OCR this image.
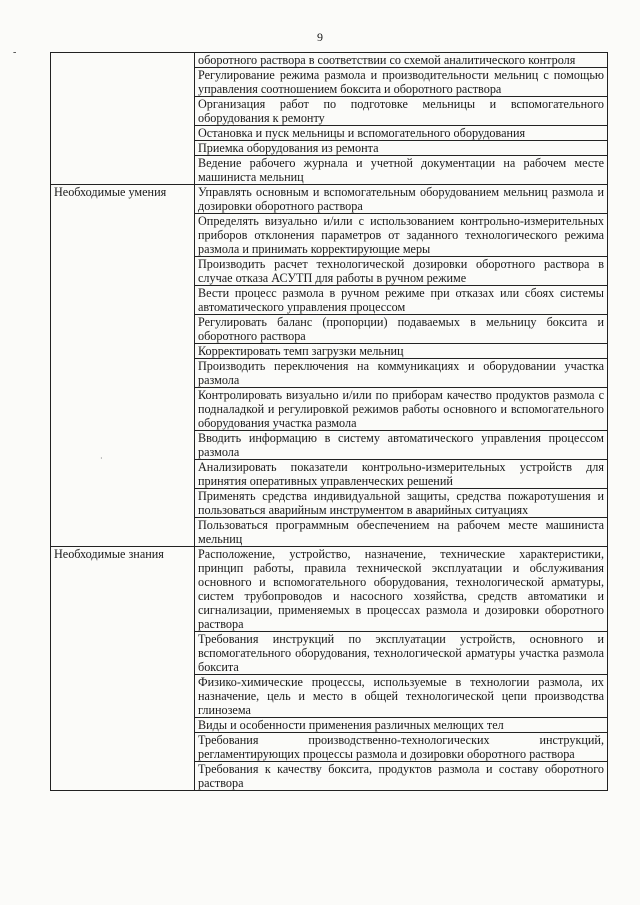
9
-
·
	оборотного раствора в соответствии со схемой аналитического контроля
	Регулирование режима размола и производительности мельниц с помощью управления соотношением боксита и оборотного раствора
	Организация работ по подготовке мельницы и вспомогательного оборудования к ремонту
	Остановка и пуск мельницы и вспомогательного оборудования
	Приемка оборудования из ремонта
	Ведение рабочего журнала и учетной документации на рабочем месте машиниста мельниц
Необходимые умения	Управлять основным и вспомогательным оборудованием мельниц размола и дозировки оборотного раствора
	Определять визуально и/или с использованием контрольно-измерительных приборов отклонения параметров от заданного технологического режима размола и принимать корректирующие меры
	Производить расчет технологической дозировки оборотного раствора в случае отказа АСУТП для работы в ручном режиме
	Вести процесс размола в ручном режиме при отказах или сбоях системы автоматического управления процессом
	Регулировать баланс (пропорции) подаваемых в мельницу боксита и оборотного раствора
	Корректировать темп загрузки мельниц
	Производить переключения на коммуникациях и оборудовании участка размола
	Контролировать визуально и/или по приборам качество продуктов размола с подналадкой и регулировкой режимов работы основного и вспомогательного оборудования участка размола
	Вводить информацию в систему автоматического управления процессом размола
	Анализировать показатели контрольно-измерительных устройств для принятия оперативных управленческих решений
	Применять средства индивидуальной защиты, средства пожаротушения и пользоваться аварийным инструментом в аварийных ситуациях
	Пользоваться программным обеспечением на рабочем месте машиниста мельниц
Необходимые знания	Расположение, устройство, назначение, технические характеристики, принцип работы, правила технической эксплуатации и обслуживания основного и вспомогательного оборудования, технологической арматуры, систем трубопроводов и насосного хозяйства, средств автоматики и сигнализации, применяемых в процессах размола и дозировки оборотного раствора
	Требования инструкций по эксплуатации устройств, основного и вспомогательного оборудования, технологической арматуры участка размола боксита
	Физико-химические процессы, используемые в технологии размола, их назначение, цель и место в общей технологической цепи производства глинозема
	Виды и особенности применения различных мелющих тел
	Требования производственно-технологических инструкций, регламентирующих процессы размола и дозировки оборотного раствора
	Требования к качеству боксита, продуктов размола и составу оборотного раствора
